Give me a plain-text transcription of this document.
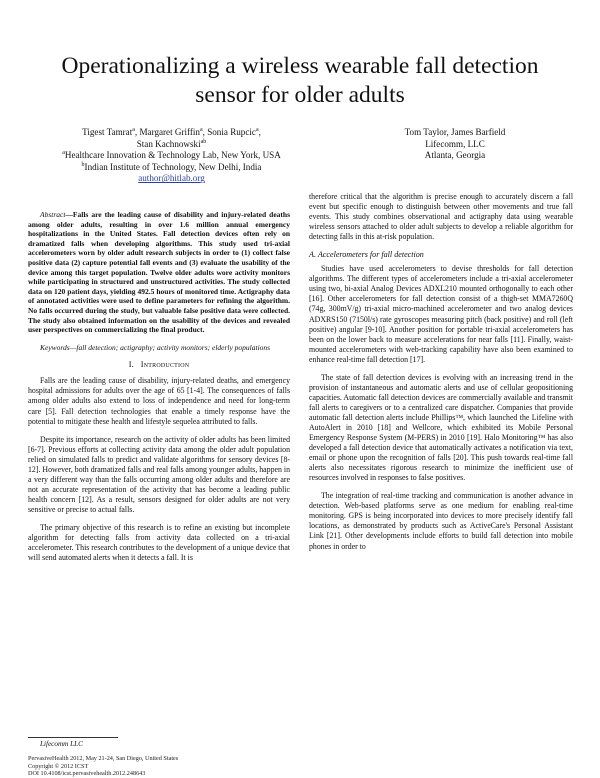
Operationalizing a wireless wearable fall detection
sensor for older adults
Tigest Tamrat$^a$, Margaret Griffin$^a$, Sonia Rupcic$^a$,
Stan Kachnowski$^{ab}$
$^a$Healthcare Innovation & Technology Lab, New York, USA
$^b$Indian Institute of Technology, New Delhi, India
author@hitlab.org
Tom Taylor, James Barfield
Lifecomm, LLC
Atlanta, Georgia

Abstract—Falls are the leading cause of disability and injury-related deaths among older adults, resulting in over 1.6 million annual emergency hospitalizations in the United States. Fall detection devices often rely on dramatized falls when developing algorithms. This study used tri-axial accelerometers worn by older adult research subjects in order to (1) collect false positive data (2) capture potential fall events and (3) evaluate the usability of the device among this target population. Twelve older adults wore activity monitors while participating in structured and unstructured activities. The study collected data on 120 patient days, yielding 492.5 hours of monitored time. Actigraphy data of annotated activities were used to define parameters for refining the algorithm. No falls occurred during the study, but valuable false positive data were collected. The study also obtained information on the usability of the devices and revealed user perspectives on commercializing the final product.

Keywords—fall detection; actigraphy; activity monitors; elderly populations

I. Introduction

Falls are the leading cause of disability, injury-related deaths, and emergency hospital admissions for adults over the age of 65 [1-4]. The consequences of falls among older adults also extend to loss of independence and need for long-term care [5]. Fall detection technologies that enable a timely response have the potential to mitigate these health and lifestyle sequelea attributed to falls.

Despite its importance, research on the activity of older adults has been limited [6-7]. Previous efforts at collecting activity data among the older adult population relied on simulated falls to predict and validate algorithms for sensory devices [8-12]. However, both dramatized falls and real falls among younger adults, happen in a very different way than the falls occurring among older adults and therefore are not an accurate representation of the activity that has become a leading public health concern [12]. As a result, sensors designed for older adults are not very sensitive or precise to actual falls.

The primary objective of this research is to refine an existing but incomplete algorithm for detecting falls from activity data collected on a tri-axial accelerometer. This research contributes to the development of a unique device that will send automated alerts when it detects a fall. It is

therefore critical that the algorithm is precise enough to accurately discern a fall event but specific enough to distinguish between other movements and true fall events. This study combines observational and actigraphy data using wearable wireless sensors attached to older adult subjects to develop a reliable algorithm for detecting falls in this at-risk population.

A. Accelerometers for fall detection

Studies have used accelerometers to devise thresholds for fall detection algorithms. The different types of accelerometers include a tri-axial accelerometer using two, bi-axial Analog Devices ADXL210 mounted orthogonally to each other [16]. Other accelerometers for fall detection consist of a thigh-set MMA7260Q (74g, 300mV/g) tri-axial micro-machined accelerometer and two analog devices ADXRS150 (7150l/s) rate gyroscopes measuring pitch (back positive) and roll (left positive) angular [9-10]. Another position for portable tri-axial accelerometers has been on the lower back to measure accelerations for near falls [11]. Finally, waist-mounted accelerometers with web-tracking capability have also been examined to enhance real-time fall detection [17].

The state of fall detection devices is evolving with an increasing trend in the provision of instantaneous and automatic alerts and use of cellular geopositioning capacities. Automatic fall detection devices are commercially available and transmit fall alerts to caregivers or to a centralized care dispatcher. Companies that provide automatic fall detection alerts include Phillips™, which launched the Lifeline with AutoAlert in 2010 [18] and Wellcore, which exhibited its Mobile Personal Emergency Response System (M-PERS) in 2010 [19]. Halo Monitoring™ has also developed a fall detection device that automatically activates a notification via text, email or phone upon the recognition of falls [20]. This push towards real-time fall alerts also necessitates rigorous research to minimize the inefficient use of resources involved in responses to false positives.

The integration of real-time tracking and communication is another advance in detection. Web-based platforms serve as one medium for enabling real-time monitoring. GPS is being incorporated into devices to more precisely identify fall locations, as demonstrated by products such as ActiveCare's Personal Assistant Link [21]. Other developments include efforts to build fall detection into mobile phones in order to

Lifecomm LLC
PervasiveHealth 2012, May 21-24, San Diego, United States
Copyright © 2012 ICST
DOI 10.4108/icst.pervasivehealth.2012.248643
